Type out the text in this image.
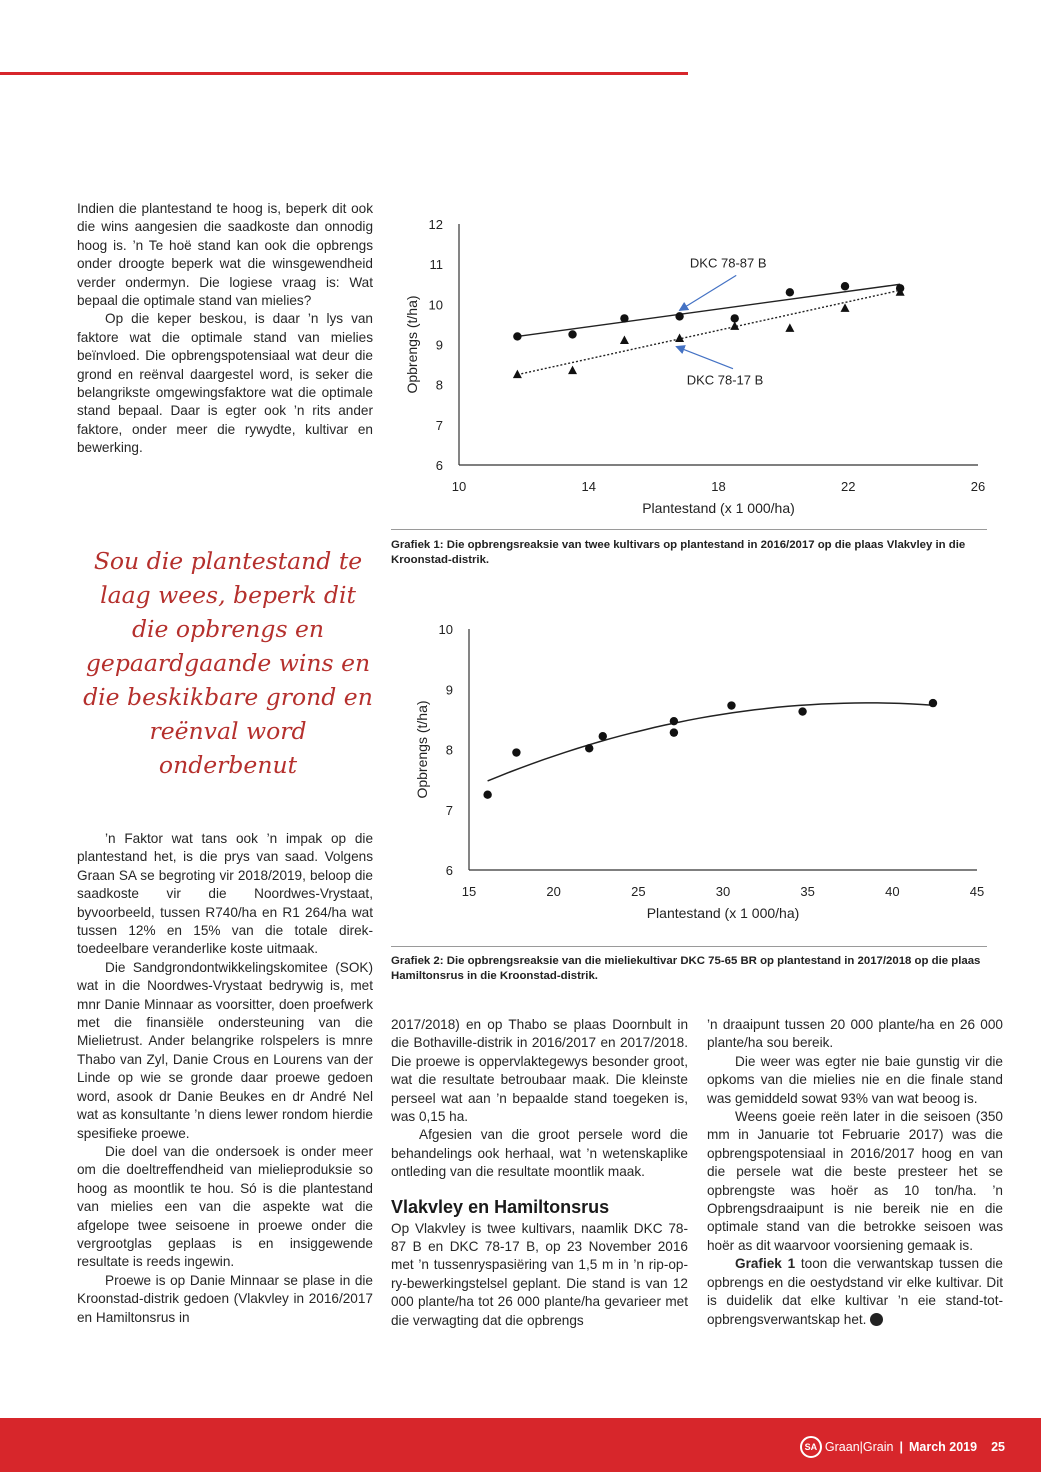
Indien die plantestand te hoog is, beperk dit ook die wins aangesien die saadkoste dan onnodig hoog is. ’n Te hoë stand kan ook die opbrengs onder droogte beperk wat die winsgewendheid verder ondermyn. Die logiese vraag is: Wat bepaal die optimale stand van mielies?

Op die keper beskou, is daar ’n lys van faktore wat die optimale stand van mielies beïnvloed. Die opbrengspotensiaal wat deur die grond en reënval daargestel word, is seker die belangrikste omgewingsfaktore wat die optimale stand bepaal. Daar is egter ook ’n rits ander faktore, onder meer die rywydte, kultivar en bewerking.

Sou die plantestand te laag wees, beperk dit die opbrengs en gepaardgaande wins en die beskikbare grond en reënval word onderbenut
10	14	18	22	26
6
7
8
9
10
11
12
Plantestand (x 1 000/ha)
Opbrengs (t/ha)
DKC 78-87 B
DKC 78-17 B
Grafiek 1: Die opbrengsreaksie van twee kultivars op plantestand in 2016/2017 op die plaas Vlakvley in die Kroonstad-distrik.
15	20	25	30	35	40	45
6
7
8
9
10
Plantestand (x 1 000/ha)
Opbrengs (t/ha)
Grafiek 2: Die opbrengsreaksie van die mieliekultivar DKC 75-65 BR op plantestand in 2017/2018 op die plaas Hamiltonsrus in die Kroonstad-distrik.

’n Faktor wat tans ook ’n impak op die plantestand het, is die prys van saad. Volgens Graan SA se begroting vir 2018/2019, beloop die saadkoste vir die Noordwes-Vrystaat, byvoorbeeld, tussen R740/ha en R1 264/ha wat tussen 12% en 15% van die totale direk-toedeelbare veranderlike koste uitmaak.

Die Sandgrondontwikkelingskomitee (SOK) wat in die Noordwes-Vrystaat bedrywig is, met mnr Danie Minnaar as voorsitter, doen proefwerk met die finansiële ondersteuning van die Mielietrust. Ander belangrike rolspelers is mnre Thabo van Zyl, Danie Crous en Lourens van der Linde op wie se gronde daar proewe gedoen word, asook dr Danie Beukes en dr André Nel wat as konsultante ’n diens lewer rondom hierdie spesifieke proewe.

Die doel van die ondersoek is onder meer om die doeltreffendheid van mielieproduksie so hoog as moontlik te hou. Só is die plantestand van mielies een van die aspekte wat die afgelope twee seisoene in proewe onder die vergrootglas geplaas is en insiggewende resultate is reeds ingewin.

Proewe is op Danie Minnaar se plase in die Kroonstad-distrik gedoen (Vlakvley in 2016/2017 en Hamiltonsrus in

2017/2018) en op Thabo se plaas Doornbult in die Bothaville-distrik in 2016/2017 en 2017/2018. Die proewe is oppervlaktegewys besonder groot, wat die resultate betroubaar maak. Die kleinste perseel wat aan ’n bepaalde stand toegeken is, was 0,15 ha.

Afgesien van die groot persele word die behandelings ook herhaal, wat ’n wetenskaplike ontleding van die resultate moontlik maak.

Vlakvley en Hamiltonsrus

Op Vlakvley is twee kultivars, naamlik DKC 78-87 B en DKC 78-17 B, op 23 November 2016 met ’n tussenryspasiëring van 1,5 m in ’n rip-op-ry-bewerkingstelsel geplant. Die stand is van 12 000 plante/ha tot 26 000 plante/ha gevarieer met die verwagting dat die opbrengs

’n draaipunt tussen 20 000 plante/ha en 26 000 plante/ha sou bereik.

Die weer was egter nie baie gunstig vir die opkoms van die mielies nie en die finale stand was gemiddeld sowat 93% van wat beoog is.

Weens goeie reën later in die seisoen (350 mm in Januarie tot Februarie 2017) was die opbrengspotensiaal in 2016/2017 hoog en van die persele wat die beste presteer het se opbrengste was hoër as 10 ton/ha. ’n Opbrengsdraaipunt is nie bereik nie en die optimale stand van die betrokke seisoen was hoër as dit waarvoor voorsiening gemaak is.

Grafiek 1 toon die verwantskap tussen die opbrengs en die oestydstand vir elke kultivar. Dit is duidelik dat elke kultivar ’n eie stand-tot-opbrengsverwantskap het.	▶

SA Graan|Grain | March 2019 25
